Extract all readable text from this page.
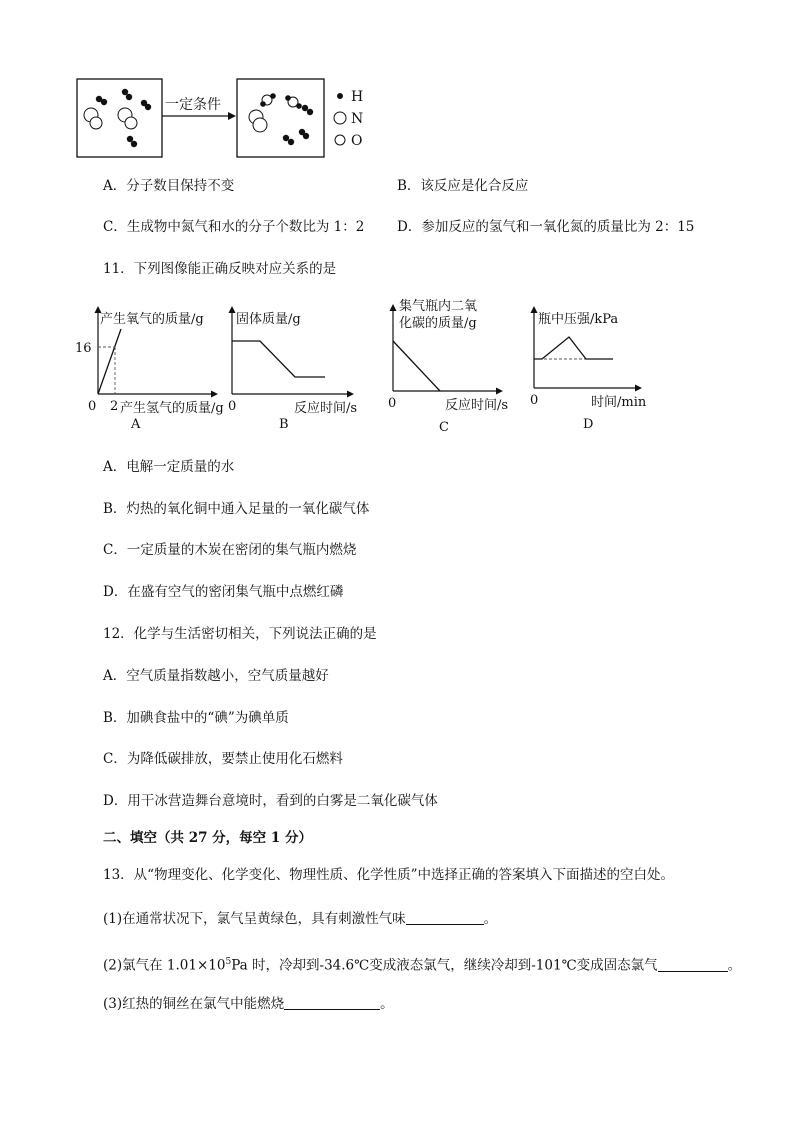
一定条件	H
N
O
A．分子数目保持不变	B．该反应是化合反应
C．生成物中氮气和水的分子个数比为 1：2 D．参加反应的氢气和一氧化氮的质量比为 2：15
11．下列图像能正确反映对应关系的是
产生氧气的质量/g
16
0 2 产生氢气的质量/g
A
固体质量/g
0	反应时间/s
B
集气瓶内二氧
化碳的质量/g
0	反应时间/s
C
瓶中压强/kPa
0	时间/min
D
A．电解一定质量的水
B．灼热的氧化铜中通入足量的一氧化碳气体
C．一定质量的木炭在密闭的集气瓶内燃烧
D．在盛有空气的密闭集气瓶中点燃红磷
12．化学与生活密切相关，下列说法正确的是
A．空气质量指数越小，空气质量越好
B．加碘食盐中的“碘”为碘单质
C．为降低碳排放，要禁止使用化石燃料
D．用干冰营造舞台意境时，看到的白雾是二氧化碳气体
二、填空（共 27 分，每空 1 分）
13．从“物理变化、化学变化、物理性质、化学性质”中选择正确的答案填入下面描述的空白处。
(1)在通常状况下，氯气呈黄绿色，具有刺激性气味	。
(2)氯气在 $1.01\times 10^5Pa$ 时，冷却到-34.6℃变成液态氯气，继续冷却到-101℃变成固态氯气	。
(3)红热的铜丝在氯气中能燃烧	。
